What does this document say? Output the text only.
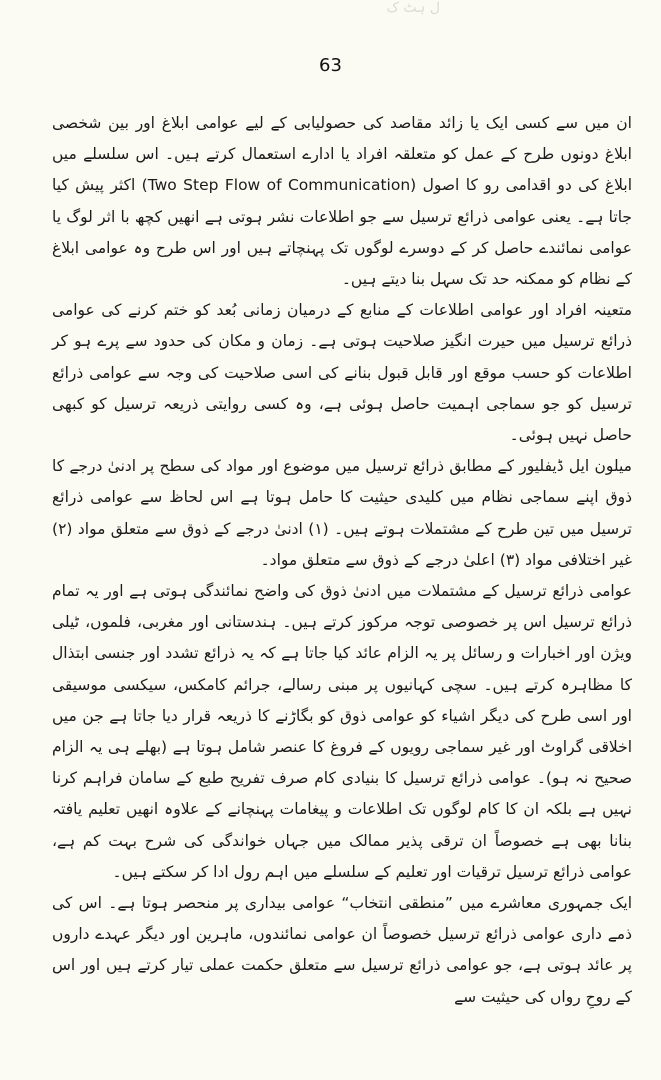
ل ہٹ ک
63

ان میں سے کسی ایک یا زائد مقاصد کی حصولیابی کے لیے عوامی ابلاغ اور بین شخصی ابلاغ دونوں طرح کے عمل کو متعلقہ افراد یا ادارے استعمال کرتے ہیں۔ اس سلسلے میں ابلاغ کی دو اقدامی رو کا اصول (Two Step Flow of Communication) اکثر پیش کیا جاتا ہے۔ یعنی عوامی ذرائع ترسیل سے جو اطلاعات نشر ہوتی ہے انھیں کچھ با اثر لوگ یا عوامی نمائندے حاصل کر کے دوسرے لوگوں تک پہنچاتے ہیں اور اس طرح وہ عوامی ابلاغ کے نظام کو ممکنہ حد تک سہل بنا دیتے ہیں۔

متعینہ افراد اور عوامی اطلاعات کے منابع کے درمیان زمانی بُعد کو ختم کرنے کی عوامی ذرائع ترسیل میں حیرت انگیز صلاحیت ہوتی ہے۔ زمان و مکان کی حدود سے پرے ہو کر اطلاعات کو حسب موقع اور قابل قبول بنانے کی اسی صلاحیت کی وجہ سے عوامی ذرائع ترسیل کو جو سماجی اہمیت حاصل ہوئی ہے، وہ کسی روایتی ذریعہ ترسیل کو کبھی حاصل نہیں ہوئی۔

میلون ایل ڈیفلیور کے مطابق ذرائع ترسیل میں موضوع اور مواد کی سطح پر ادنیٰ درجے کا ذوق اپنے سماجی نظام میں کلیدی حیثیت کا حامل ہوتا ہے اس لحاظ سے عوامی ذرائع ترسیل میں تین طرح کے مشتملات ہوتے ہیں۔ (۱) ادنیٰ درجے کے ذوق سے متعلق مواد (۲) غیر اختلافی مواد (۳) اعلیٰ درجے کے ذوق سے متعلق مواد۔

عوامی ذرائع ترسیل کے مشتملات میں ادنیٰ ذوق کی واضح نمائندگی ہوتی ہے اور یہ تمام ذرائع ترسیل اس پر خصوصی توجہ مرکوز کرتے ہیں۔ ہندستانی اور مغربی، فلموں، ٹیلی ویژن اور اخبارات و رسائل پر یہ الزام عائد کیا جاتا ہے کہ یہ ذرائع تشدد اور جنسی ابتذال کا مظاہرہ کرتے ہیں۔ سچی کہانیوں پر مبنی رسالے، جرائم کامکس، سیکسی موسیقی اور اسی طرح کی دیگر اشیاء کو عوامی ذوق کو بگاڑنے کا ذریعہ قرار دیا جاتا ہے جن میں اخلاقی گراوٹ اور غیر سماجی رویوں کے فروغ کا عنصر شامل ہوتا ہے (بھلے ہی یہ الزام صحیح نہ ہو)۔ عوامی ذرائع ترسیل کا بنیادی کام صرف تفریح طبع کے سامان فراہم کرنا نہیں ہے بلکہ ان کا کام لوگوں تک اطلاعات و پیغامات پہنچانے کے علاوہ انھیں تعلیم یافتہ بنانا بھی ہے خصوصاً ان ترقی پذیر ممالک میں جہاں خواندگی کی شرح بہت کم ہے، عوامی ذرائع ترسیل ترقیات اور تعلیم کے سلسلے میں اہم رول ادا کر سکتے ہیں۔

ایک جمہوری معاشرے میں ”منطقی انتخاب“ عوامی بیداری پر منحصر ہوتا ہے۔ اس کی ذمے داری عوامی ذرائع ترسیل خصوصاً ان عوامی نمائندوں، ماہرین اور دیگر عہدے داروں پر عائد ہوتی ہے، جو عوامی ذرائع ترسیل سے متعلق حکمت عملی تیار کرتے ہیں اور اس کے روحِ رواں کی حیثیت سے
